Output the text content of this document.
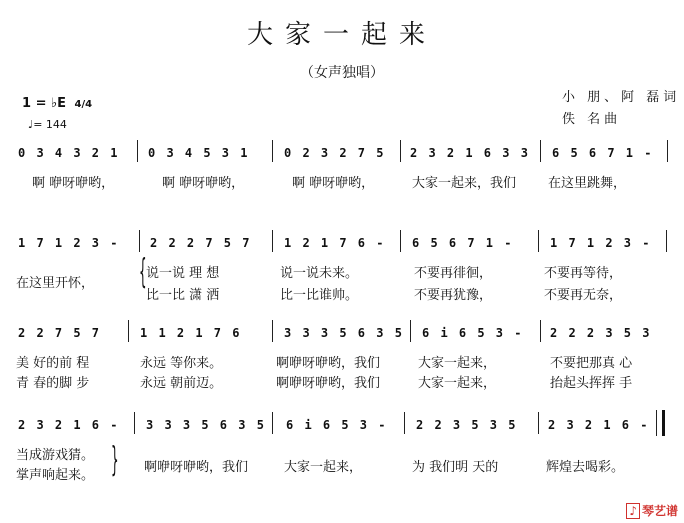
大家一起来
（女声独唱）
小 朋、阿 磊词
佚 名曲
1 = ♭E 4/4
♩= 144
0 3 4 3 2 1 0 3 4 5 3 1	0 2 3 2 7 5 2 3 2 1 6 3 3 6 5 6 7 1 -
啊 咿呀咿哟，	啊 咿呀咿哟，	啊 咿呀咿哟，	大家一起来，我们 在这里跳舞，
1 7 1 2 3 -	2 2 2 7 5 7	1 2 1 7 6 - 6 5 6 7 1 -	1 7 1 2 3 -
在这里开怀， { 说一说 理 想
比一比 潇 洒
说一说未来。
比一比谁帅。
不要再徘徊，
不要再犹豫，
不要再等待，
不要再无奈，
2 2 7 5 7	1 1 2 1 7 6	3 3 3 5 6 3 5 6 i 6 5 3 - 2 2 2 3 5 3
美 好的前 程
青 春的脚 步
永远 等你来。
永远 朝前迈。
啊咿呀咿哟，我们
啊咿呀咿哟，我们
大家一起来，
大家一起来，
不要把那真 心
抬起头挥挥 手
2 3 2 1 6 - 3 3 3 5 6 3 5 6 i 6 5 3 - 2 2 3 5 3 5	2 3 2 1 6 -
当成游戏猜。
掌声响起来。 } 啊咿呀咿哟，我们	大家一起来，	为 我们明 天的	辉煌去喝彩。
♪ 琴艺谱
